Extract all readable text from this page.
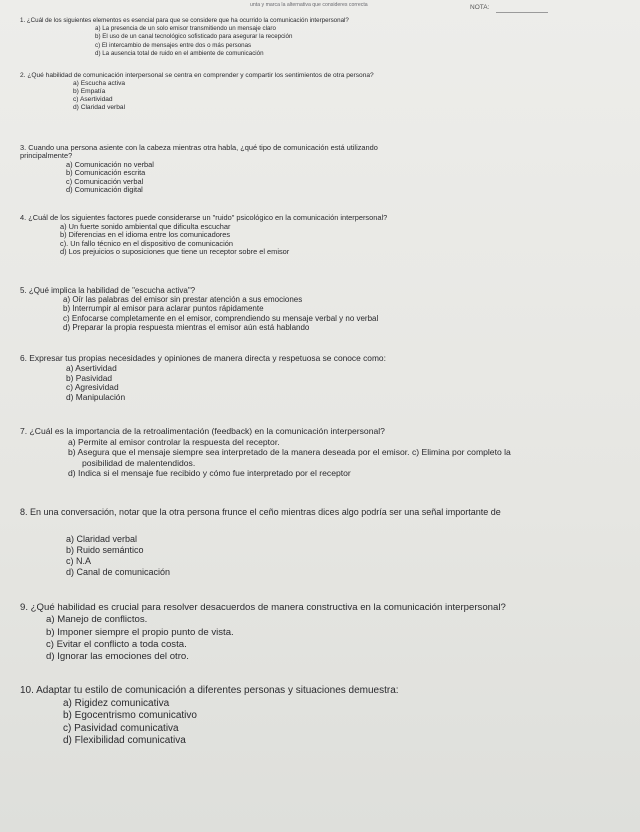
unta y marca la alternativa que consideres correcta	NOTA:
1. ¿Cuál de los siguientes elementos es esencial para que se considere que ha ocurrido la comunicación interpersonal?
a) La presencia de un solo emisor transmitiendo un mensaje claro
b) El uso de un canal tecnológico sofisticado para asegurar la recepción
c) El intercambio de mensajes entre dos o más personas
d) La ausencia total de ruido en el ambiente de comunicación
2. ¿Qué habilidad de comunicación interpersonal se centra en comprender y compartir los sentimientos de otra persona?
a) Escucha activa
b) Empatía
c) Asertividad
d) Claridad verbal
3. Cuando una persona asiente con la cabeza mientras otra habla, ¿qué tipo de comunicación está utilizando
principalmente?
a) Comunicación no verbal
b) Comunicación escrita
c) Comunicación verbal
d) Comunicación digital
4. ¿Cuál de los siguientes factores puede considerarse un "ruido" psicológico en la comunicación interpersonal?
a) Un fuerte sonido ambiental que dificulta escuchar
b) Diferencias en el idioma entre los comunicadores
c). Un fallo técnico en el dispositivo de comunicación
d) Los prejuicios o suposiciones que tiene un receptor sobre el emisor
5. ¿Qué implica la habilidad de "escucha activa"?
a) Oír las palabras del emisor sin prestar atención a sus emociones
b) Interrumpir al emisor para aclarar puntos rápidamente
c) Enfocarse completamente en el emisor, comprendiendo su mensaje verbal y no verbal
d) Preparar la propia respuesta mientras el emisor aún está hablando
6. Expresar tus propias necesidades y opiniones de manera directa y respetuosa se conoce como:
a) Asertividad
b) Pasividad
c) Agresividad
d) Manipulación
7. ¿Cuál es la importancia de la retroalimentación (feedback) en la comunicación interpersonal?
a) Permite al emisor controlar la respuesta del receptor.
b) Asegura que el mensaje siempre sea interpretado de la manera deseada por el emisor. c) Elimina por completo la
posibilidad de malentendidos.
d) Indica si el mensaje fue recibido y cómo fue interpretado por el receptor
8. En una conversación, notar que la otra persona frunce el ceño mientras dices algo podría ser una señal importante de
a) Claridad verbal
b) Ruido semántico
c) N.A
d) Canal de comunicación
9. ¿Qué habilidad es crucial para resolver desacuerdos de manera constructiva en la comunicación interpersonal?
a) Manejo de conflictos.
b) Imponer siempre el propio punto de vista.
c) Evitar el conflicto a toda costa.
d) Ignorar las emociones del otro.
10. Adaptar tu estilo de comunicación a diferentes personas y situaciones demuestra:
a) Rigidez comunicativa
b) Egocentrismo comunicativo
c) Pasividad comunicativa
d) Flexibilidad comunicativa
